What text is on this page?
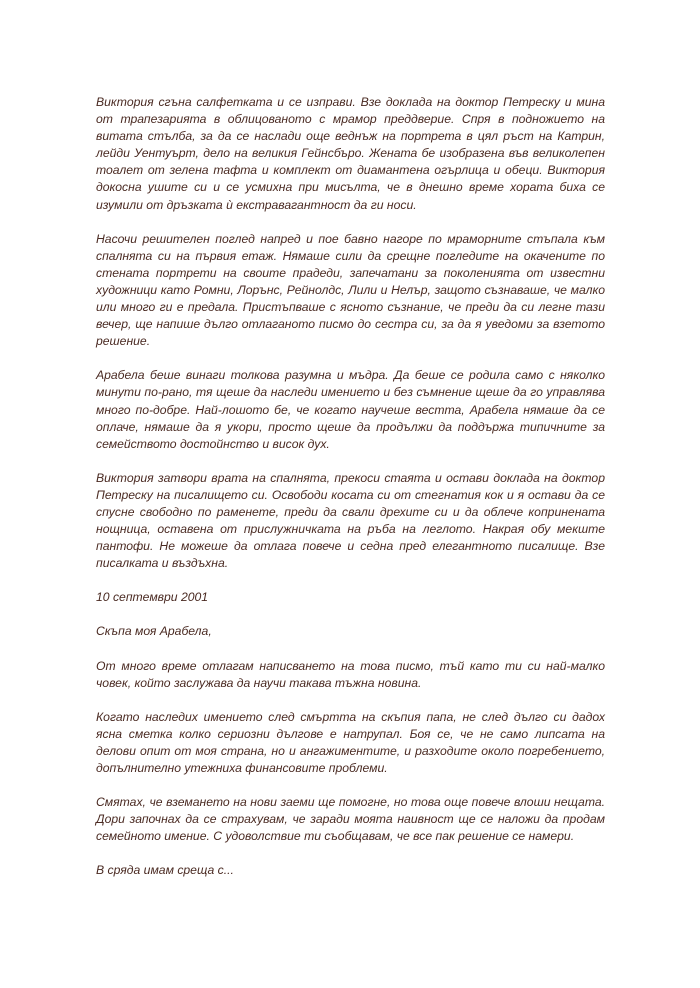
Виктория сгъна салфетката и се изправи. Взе доклада на доктор Петреску и мина от трапезарията в облицованото с мрамор преддверие. Спря в подножието на витата стълба, за да се наслади още веднъж на портрета в цял ръст на Катрин, лейди Уентуърт, дело на великия Гейнсбъро. Жената бе изобразена във великолепен тоалет от зелена тафта и комплект от диамантена огърлица и обеци. Виктория докосна ушите си и се усмихна при мисълта, че в днешно време хората биха се изумили от дръзката ѝ екстравагантност да ги носи.

Насочи решителен поглед напред и пое бавно нагоре по мраморните стъпала към спалнята си на първия етаж. Нямаше сили да срещне погледите на окачените по стената портрети на своите прадеди, запечатани за поколенията от известни художници като Ромни, Лорънс, Рейнолдс, Лили и Нелър, защото съзнаваше, че малко или много ги е предала. Пристъпваше с ясното съзнание, че преди да си легне тази вечер, ще напише дълго отлаганото писмо до сестра си, за да я уведоми за взетото решение.

Арабела беше винаги толкова разумна и мъдра. Да беше се родила само с няколко минути по-рано, тя щеше да наследи имението и без съмнение щеше да го управлява много по-добре. Най-лошото бе, че когато научеше вестта, Арабела нямаше да се оплаче, нямаше да я укори, просто щеше да продължи да поддържа типичните за семейството достойнство и висок дух.

Виктория затвори врата на спалнята, прекоси стаята и остави доклада на доктор Петреску на писалището си. Освободи косата си от стегнатия кок и я остави да се спусне свободно по раменете, преди да свали дрехите си и да облече копринената нощница, оставена от прислужничката на ръба на леглото. Накрая обу мекште пантофи. Не можеше да отлага повече и седна пред елегантното писалище. Взе писалката и въздъхна.

10 септември 2001

Скъпа моя Арабела,

От много време отлагам написването на това писмо, тъй като ти си най-малко човек, който заслужава да научи такава тъжна новина.

Когато наследих имението след смъртта на скъпия папа, не след дълго си дадох ясна сметка колко сериозни дългове е натрупал. Боя се, че не само липсата на делови опит от моя страна, но и ангажиментите, и разходите около погребението, допълнително утежниха финансовите проблеми.

Смятах, че вземането на нови заеми ще помогне, но това още повече влоши нещата. Дори започнах да се страхувам, че заради моята наивност ще се наложи да продам семейното имение. С удоволствие ти съобщавам, че все пак решение се намери.

В сряда имам среща с...
